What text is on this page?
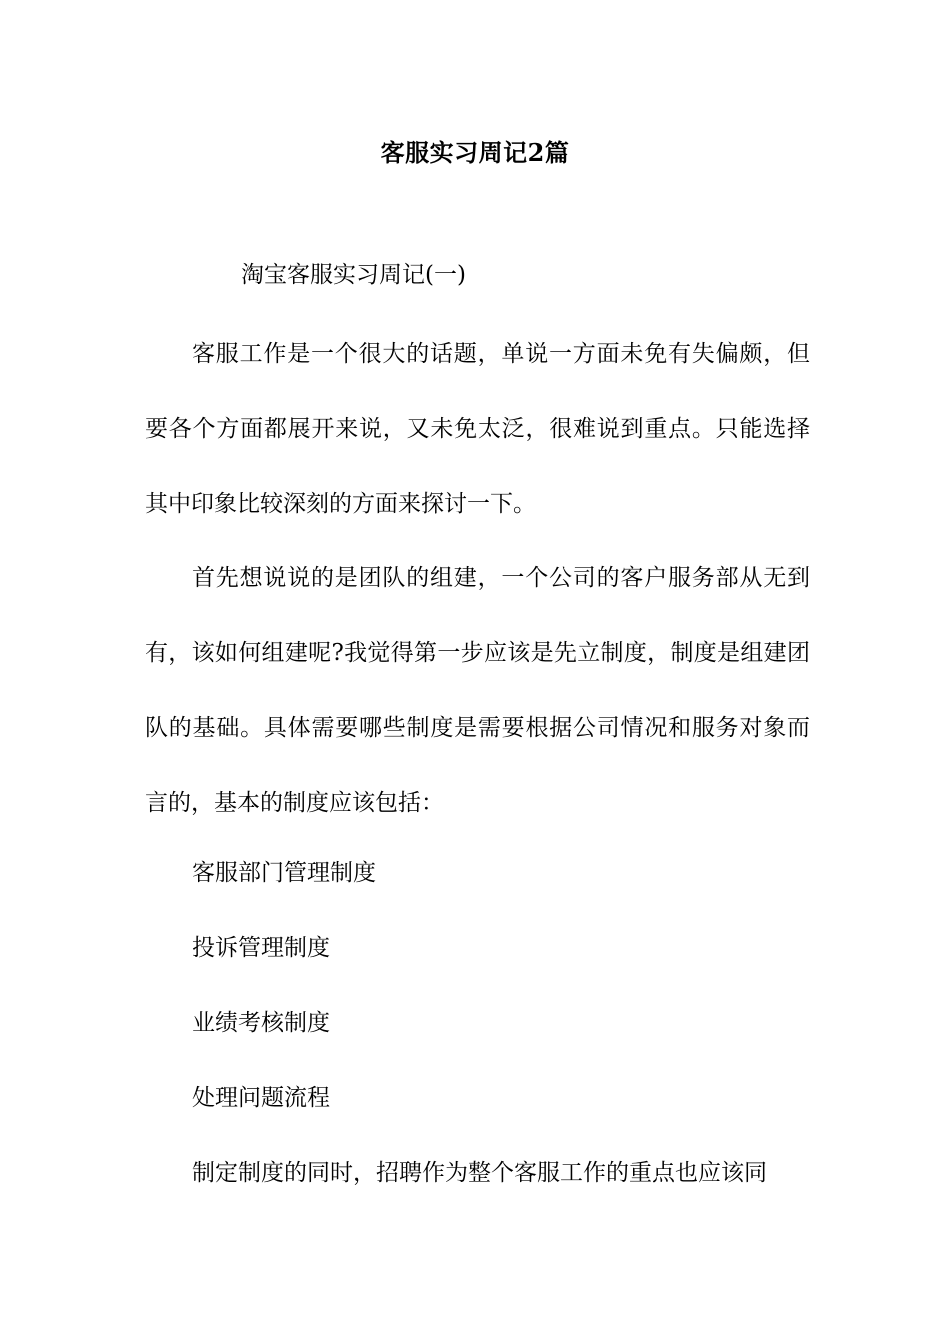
客服实习周记2篇
淘宝客服实习周记(一)
客服工作是一个很大的话题，单说一方面未免有失偏颇，但要各个方面都展开来说，又未免太泛，很难说到重点。只能选择其中印象比较深刻的方面来探讨一下。
首先想说说的是团队的组建，一个公司的客户服务部从无到有，该如何组建呢?我觉得第一步应该是先立制度，制度是组建团队的基础。具体需要哪些制度是需要根据公司情况和服务对象而言的，基本的制度应该包括：
客服部门管理制度
投诉管理制度
业绩考核制度
处理问题流程
制定制度的同时，招聘作为整个客服工作的重点也应该同
